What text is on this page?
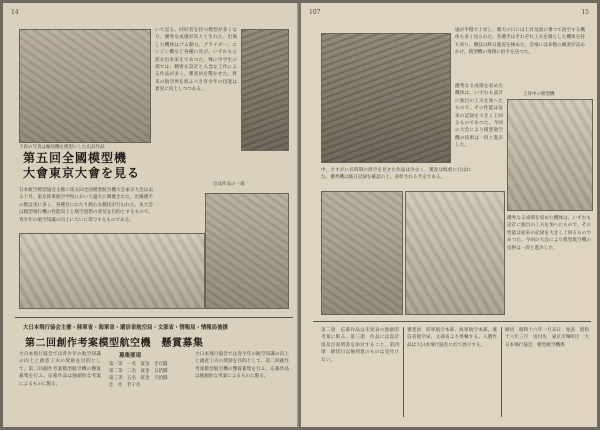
14
下段の写真は輸送機を模型にした出品作品
いて見る。同好者を持つ模型が多くなり、優秀な成績が次々と生れた。出場した機体はゴム動力、グライダー、エンジン機など各種に及び、いずれも立派な出来栄えであつた。殊に中学生の部では、精密な設計と入念な工作による作品が多く、審査員を驚かせた。将来の航空界を担ふべき青少年の技能は着実に向上しつつある。
第五回全國模型機
大會東京大會を見る
日本航空模型協会主催の第五回全国模型航空機大会東京大会は去る十月、東京陸軍航空学校において盛大に開催された。出場選手の数は実に多く、各種目にわたり熱心な競技が行われた。本大会は模型飛行機の性能向上と航空思想の普及を目的とするもので、青少年の航空知識の向上に大いに寄与するものである。
出品作品の一部
大日本飛行協会主催・陸軍省・海軍省・遞信省航空局・文部省・情報局・情報局後援
第二回創作考案模型航空機　懸賞募集
大日本飛行協会では青少年の航空知識の向上と創意工夫の奨励を目的として、第二回創作考案模型航空機の懸賞募集を行ふ。応募作品は独創的な考案によるものに限る。
募集要項
第一等　一名　賞金　壱百圓
第二等　二名　賞金　五拾圓
第三等　五名　賞金　弐拾圓
佳　作　若干名
大日本飛行協会では青少年の航空知識の向上と創意工夫の奨励を目的として、第二回創作考案模型航空機の懸賞募集を行ふ。応募作品は独創的な考案によるものに限る。
107	15
風が平穏で上昇し、晴天の日には上昇気流に乗つて滑空する機体も多く見られた。各選手はそれぞれ工夫を凝らした機体を持ち寄り、競技は終日盛況を極めた。会場には多数の観衆が詰めかけ、模型機の飛翔に拍手を送つた。
上昇中の模型機
優秀なる成績を収めた機体は、いずれも設計に独自の工夫を加へたもので、その性能は従来の記録を大きく上回るものであつた。今回の大会により模型航空機の技術は一段と進歩した。
中、さすがに長時間の滑空を見せた作品は少なく、審査は慎重に行はれた。優秀機は後日記録を確認の上、表彰される予定である。
優秀なる成績を収めた機体は、いずれも設計に独自の工夫を加へたもので、その性能は従来の記録を大きく上回るものであつた。今回の大会により模型航空機の技術は一段と進歩した。
第二項　応募作品は未発表の独創的考案に限る。第三項　作品には設計図及び説明書を添付すること。第四項　締切日以後到着のものは受付けない。
審査員　陸軍航空本部、海軍航空本部、遞信省航空局、文部省より委嘱する。入選作品は大日本飛行協会に於て展示する。
締切　昭和十六年一月末日　発表　昭和十六年三月　送付先　東京市麹町区　大日本飛行協会　模型航空機係
